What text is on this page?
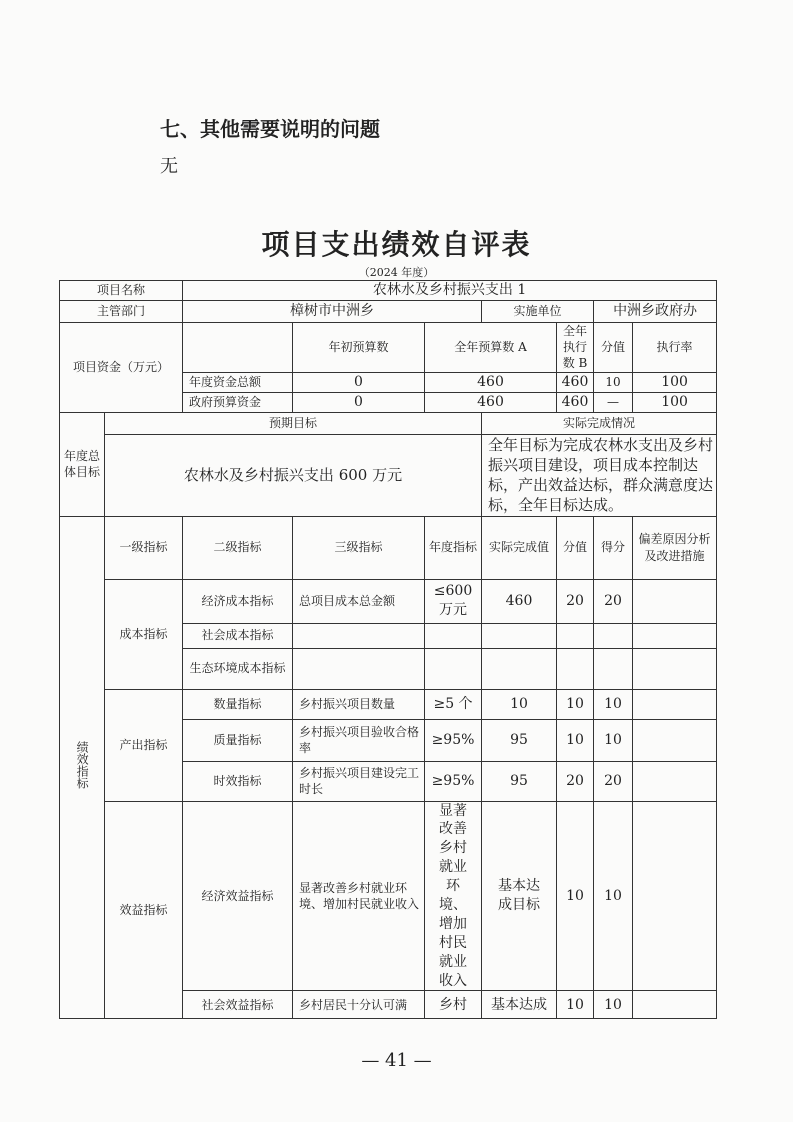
七、其他需要说明的问题
无
项目支出绩效自评表
（2024 年度）
项目名称		农林水及乡村振兴支出 1							
主管部门		樟树市中洲乡			实施单位		中洲乡政府办		
项目资金（万元）			年初预算数	全年预算数 A		全年执行数 B	分值	执行率	
		年度资金总额	0	460		460	10	100	
		政府预算资金	0	460		460	—	100	
年度总体目标	预期目标				实际完成情况				
	农林水及乡村振兴支出 600 万元				全年目标为完成农林水支出及乡村振兴项目建设，项目成本控制达标，产出效益达标，群众满意度达标，全年目标达成。				
绩效指标	一级指标	二级指标	三级指标	年度指标	实际完成值	分值	得分	偏差原因分析及改进措施	
	成本指标	经济成本指标	总项目成本总金额	≤600万元	460	20	20		
		社会成本指标							
		生态环境成本指标							
	产出指标	数量指标	乡村振兴项目数量	≥5 个	10	10	10		
		质量指标	乡村振兴项目验收合格率	≥95%	95	10	10		
		时效指标	乡村振兴项目建设完工时长	≥95%	95	20	20		
	效益指标	经济效益指标	显著改善乡村就业环境、增加村民就业收入	显著改善乡村就业环境、增加村民就业收入	基本达成目标	10	10		
		社会效益指标	乡村居民十分认可满	乡村	基本达成	10	10		
— 41 —
